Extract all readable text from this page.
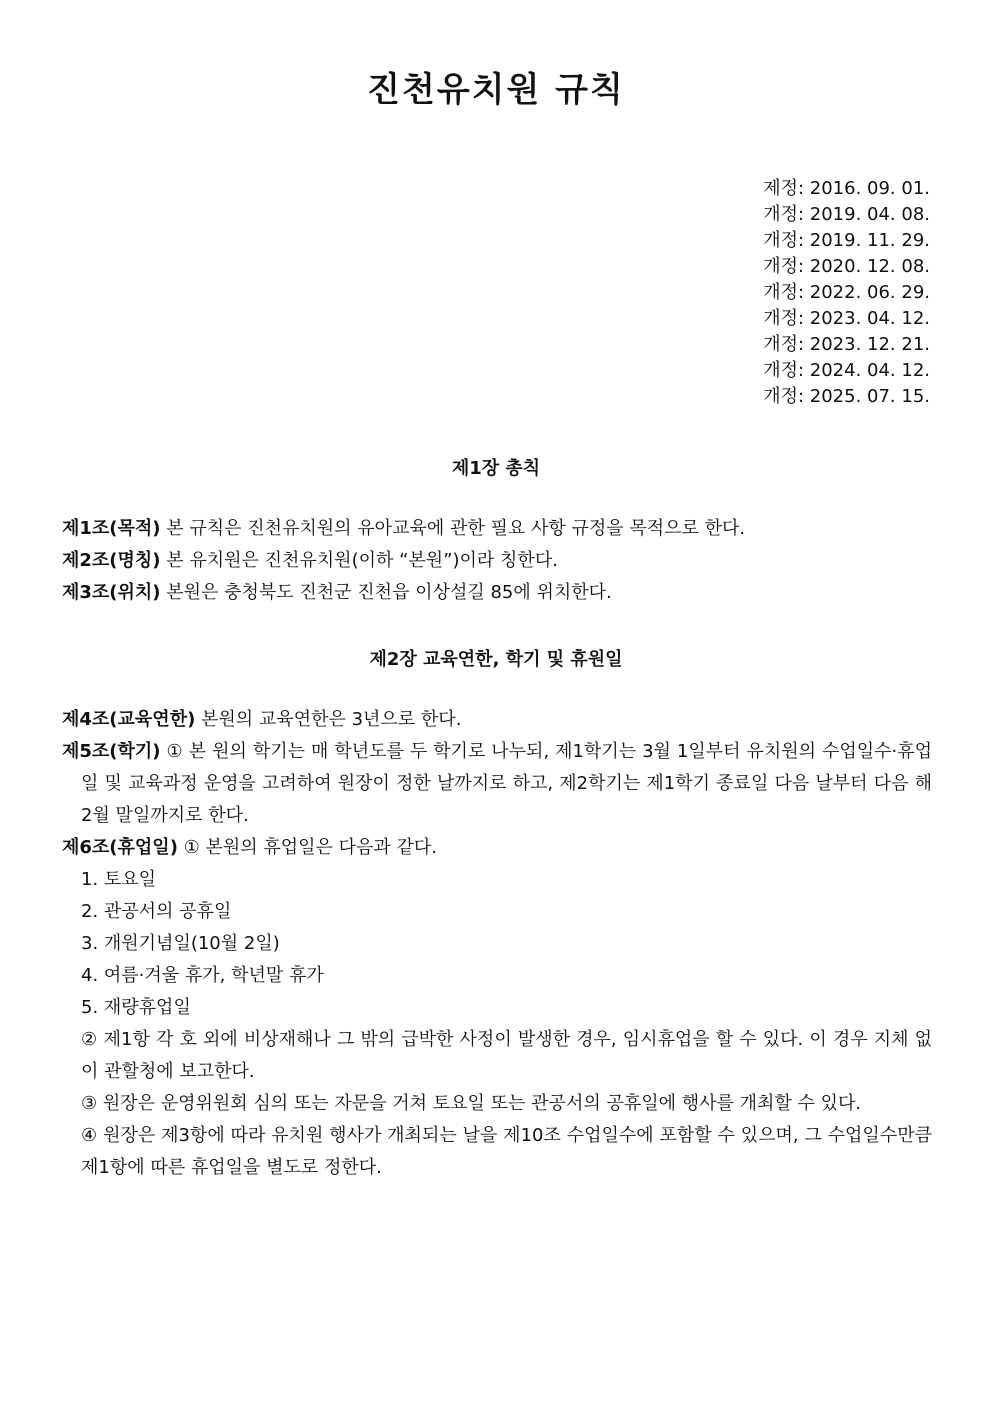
진천유치원 규칙
제정: 2016. 09. 01.
개정: 2019. 04. 08.
개정: 2019. 11. 29.
개정: 2020. 12. 08.
개정: 2022. 06. 29.
개정: 2023. 04. 12.
개정: 2023. 12. 21.
개정: 2024. 04. 12.
개정: 2025. 07. 15.
제1장 총칙

제1조(목적) 본 규칙은 진천유치원의 유아교육에 관한 필요 사항 규정을 목적으로 한다.

제2조(명칭) 본 유치원은 진천유치원(이하 “본원”)이라 칭한다.

제3조(위치) 본원은 충청북도 진천군 진천읍 이상설길 85에 위치한다.

제2장 교육연한, 학기 및 휴원일

제4조(교육연한) 본원의 교육연한은 3년으로 한다.

제5조(학기) ① 본 원의 학기는 매 학년도를 두 학기로 나누되, 제1학기는 3월 1일부터 유치원의 수업일수·휴업일 및 교육과정 운영을 고려하여 원장이 정한 날까지로 하고, 제2학기는 제1학기 종료일 다음 날부터 다음 해 2월 말일까지로 한다.

제6조(휴업일) ① 본원의 휴업일은 다음과 같다.

1. 토요일

2. 관공서의 공휴일

3. 개원기념일(10월 2일)

4. 여름·겨울 휴가, 학년말 휴가

5. 재량휴업일

② 제1항 각 호 외에 비상재해나 그 밖의 급박한 사정이 발생한 경우, 임시휴업을 할 수 있다. 이 경우 지체 없이 관할청에 보고한다.

③ 원장은 운영위원회 심의 또는 자문을 거쳐 토요일 또는 관공서의 공휴일에 행사를 개최할 수 있다.

④ 원장은 제3항에 따라 유치원 행사가 개최되는 날을 제10조 수업일수에 포함할 수 있으며, 그 수업일수만큼 제1항에 따른 휴업일을 별도로 정한다.
